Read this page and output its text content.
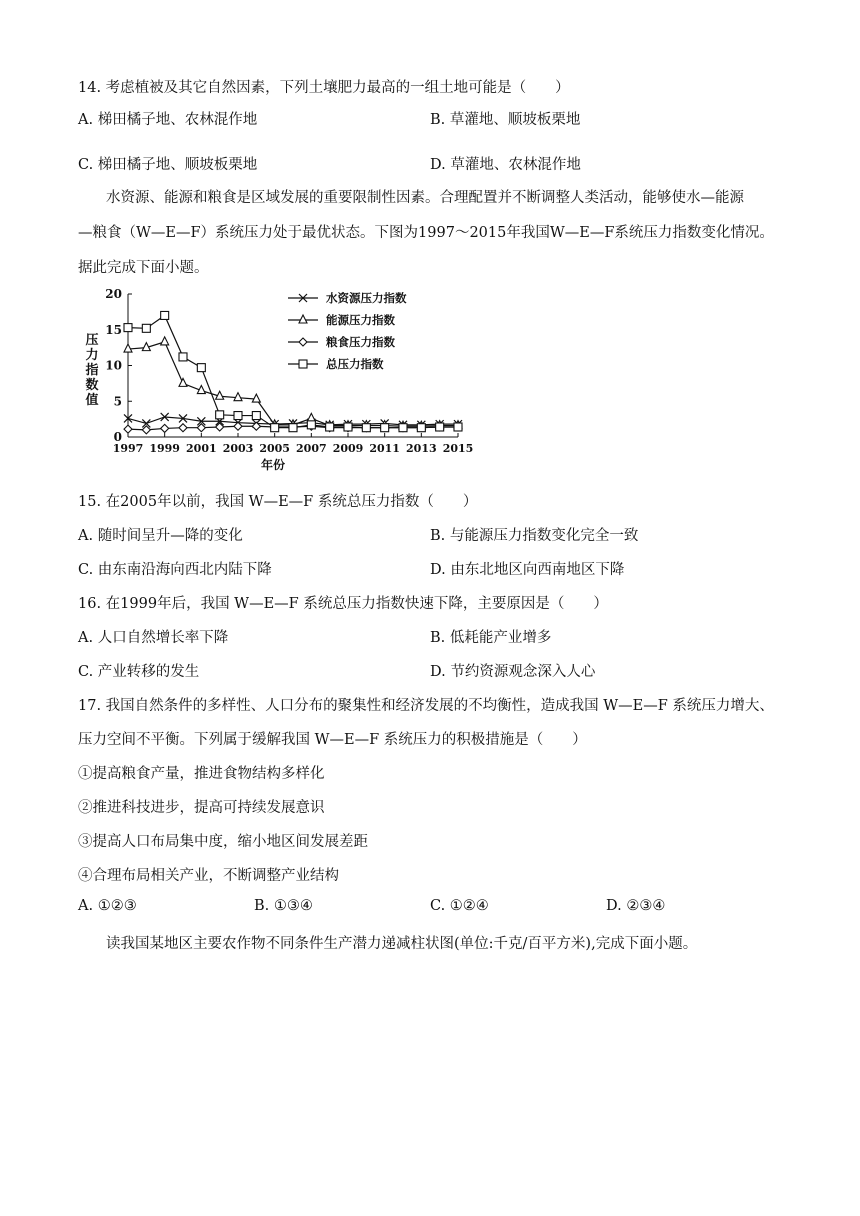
14. 考虑植被及其它自然因素，下列土壤肥力最高的一组土地可能是（　　）
A. 梯田橘子地、农林混作地	B. 草灌地、顺坡板栗地
C. 梯田橘子地、顺坡板栗地	D. 草灌地、农林混作地
水资源、能源和粮食是区域发展的重要限制性因素。合理配置并不断调整人类活动，能够使水—能源
—粮食（W—E—F）系统压力处于最优状态。下图为1997～2015年我国W—E—F系统压力指数变化情况。
据此完成下面小题。
0
5
10
15
20
1997 1999 2001 2003 2005 2007 2009 2011 2013 2015
压力指数值
年份
水资源压力指数
能源压力指数
粮食压力指数
总压力指数
15. 在2005年以前，我国 W—E—F 系统总压力指数（　　）
A. 随时间呈升—降的变化	B. 与能源压力指数变化完全一致
C. 由东南沿海向西北内陆下降	D. 由东北地区向西南地区下降
16. 在1999年后，我国 W—E—F 系统总压力指数快速下降，主要原因是（　　）
A. 人口自然增长率下降	B. 低耗能产业增多
C. 产业转移的发生	D. 节约资源观念深入人心
17. 我国自然条件的多样性、人口分布的聚集性和经济发展的不均衡性，造成我国 W—E—F 系统压力增大、
压力空间不平衡。下列属于缓解我国 W—E—F 系统压力的积极措施是（　　）
①提高粮食产量，推进食物结构多样化
②推进科技进步，提高可持续发展意识
③提高人口布局集中度，缩小地区间发展差距
④合理布局相关产业，不断调整产业结构
A. ①②③	B. ①③④	C. ①②④	D. ②③④
读我国某地区主要农作物不同条件生产潜力递减柱状图(单位:千克/百平方米),完成下面小题。
